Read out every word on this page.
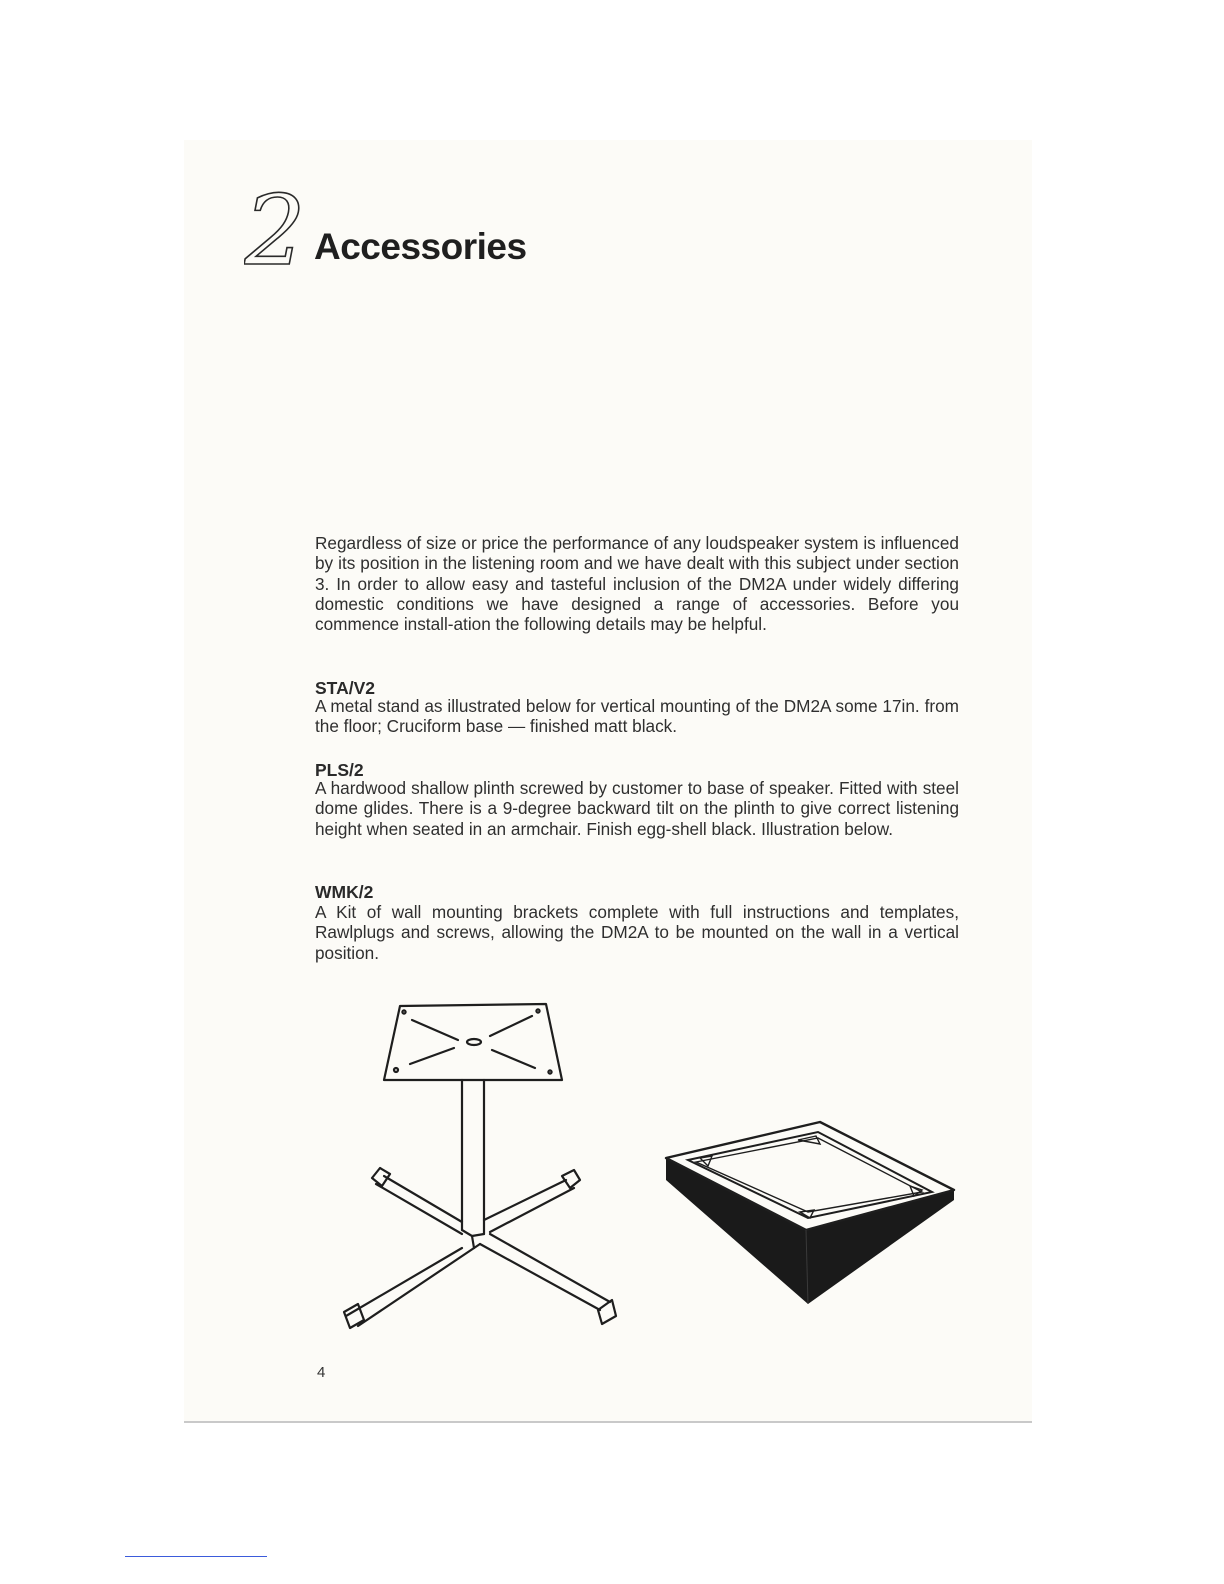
2 Accessories

Regardless of size or price the performance of any loudspeaker system is influenced by its position in the listening room and we have dealt with this subject under section 3. In order to allow easy and tasteful inclusion of the DM2A under widely differing domestic conditions we have designed a range of accessories. Before you commence install-ation the following details may be helpful.

STA/V2

A metal stand as illustrated below for vertical mounting of the DM2A some 17in. from the floor; Cruciform base — finished matt black.

PLS/2

A hardwood shallow plinth screwed by customer to base of speaker. Fitted with steel dome glides. There is a 9-degree backward tilt on the plinth to give correct listening height when seated in an armchair. Finish egg-shell black. Illustration below.

WMK/2

A Kit of wall mounting brackets complete with full instructions and templates, Rawlplugs and screws, allowing the DM2A to be mounted on the wall in a vertical position.

4
